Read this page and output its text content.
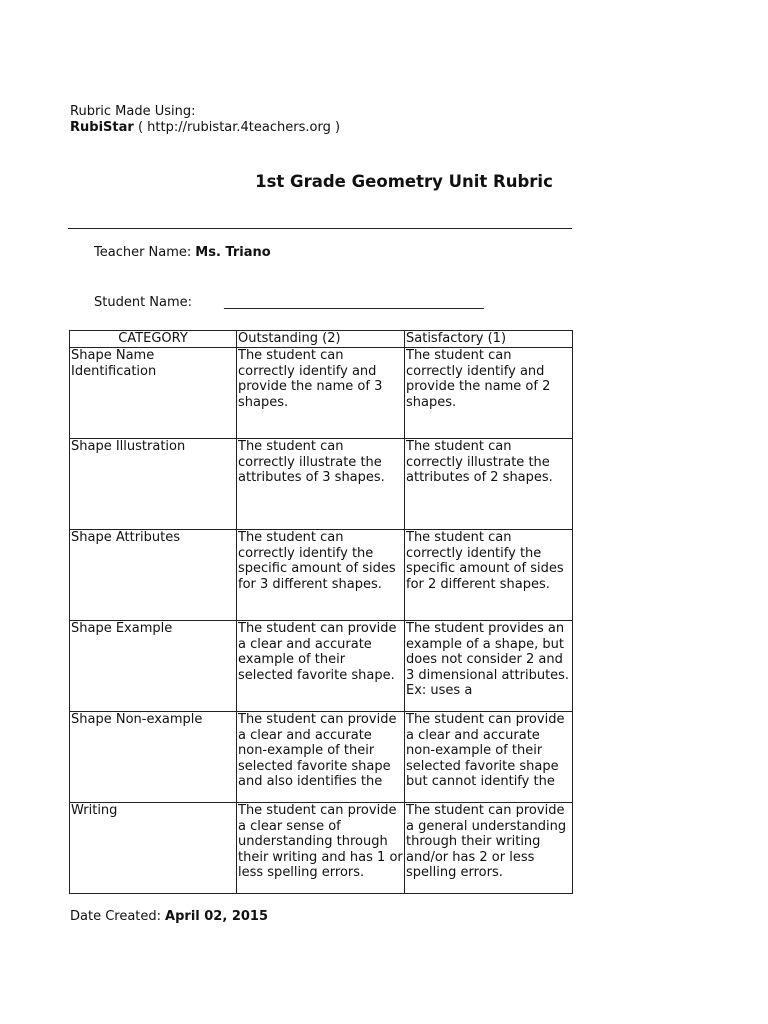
Rubric Made Using:
RubiStar ( http://rubistar.4teachers.org )
1st Grade Geometry Unit Rubric
Teacher Name: Ms. Triano
Student Name: ________________________________________
CATEGORY	Outstanding (2)	Satisfactory (1)

Shape Name Identification	The student can correctly identify and provide the name of 3 shapes.	The student can correctly identify and provide the name of 2 shapes.

Shape Illustration	The student can correctly illustrate the attributes of 3 shapes.	The student can correctly illustrate the attributes of 2 shapes.

Shape Attributes	The student can correctly identify the specific amount of sides for 3 different shapes.	The student can correctly identify the specific amount of sides for 2 different shapes.

Shape Example	The student can provide a clear and accurate example of their selected favorite shape.	The student provides an example of a shape, but does not consider 2 and 3 dimensional attributes. Ex: uses a

Shape Non-example	The student can provide a clear and accurate non-example of their selected favorite shape and also identifies the	The student can provide a clear and accurate non-example of their selected favorite shape but cannot identify the

Writing	The student can provide a clear sense of understanding through their writing and has 1 or less spelling errors.	The student can provide a general understanding through their writing and/or has 2 or less spelling errors.
Date Created: April 02, 2015
